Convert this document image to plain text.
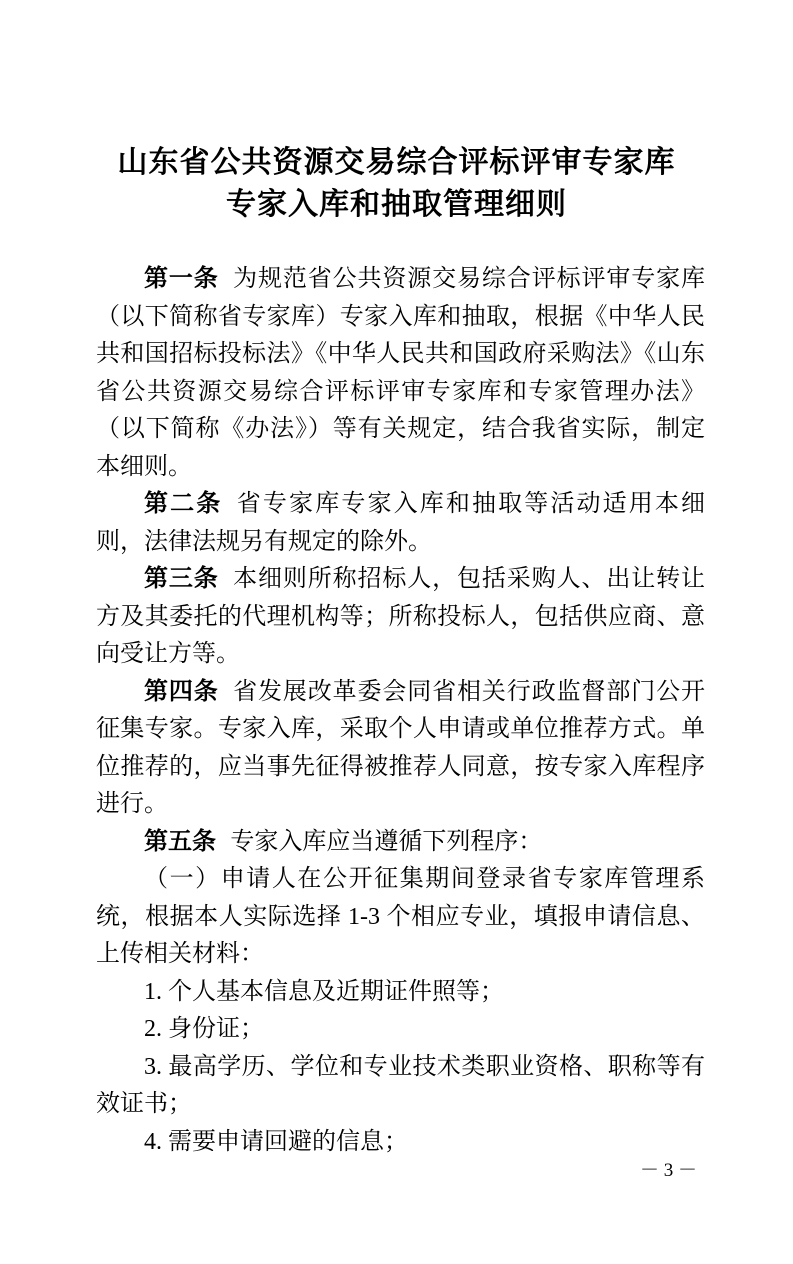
山东省公共资源交易综合评标评审专家库
专家入库和抽取管理细则

第一条 为规范省公共资源交易综合评标评审专家库（以下简称省专家库）专家入库和抽取，根据《中华人民共和国招标投标法》《中华人民共和国政府采购法》《山东省公共资源交易综合评标评审专家库和专家管理办法》（以下简称《办法》）等有关规定，结合我省实际，制定本细则。

第二条 省专家库专家入库和抽取等活动适用本细则，法律法规另有规定的除外。

第三条 本细则所称招标人，包括采购人、出让转让方及其委托的代理机构等；所称投标人，包括供应商、意向受让方等。

第四条 省发展改革委会同省相关行政监督部门公开征集专家。专家入库，采取个人申请或单位推荐方式。单位推荐的，应当事先征得被推荐人同意，按专家入库程序进行。

第五条 专家入库应当遵循下列程序：

（一）申请人在公开征集期间登录省专家库管理系统，根据本人实际选择 1-3 个相应专业，填报申请信息、上传相关材料：

1. 个人基本信息及近期证件照等；

2. 身份证；

3. 最高学历、学位和专业技术类职业资格、职称等有效证书；

4. 需要申请回避的信息；

－ 3 －
